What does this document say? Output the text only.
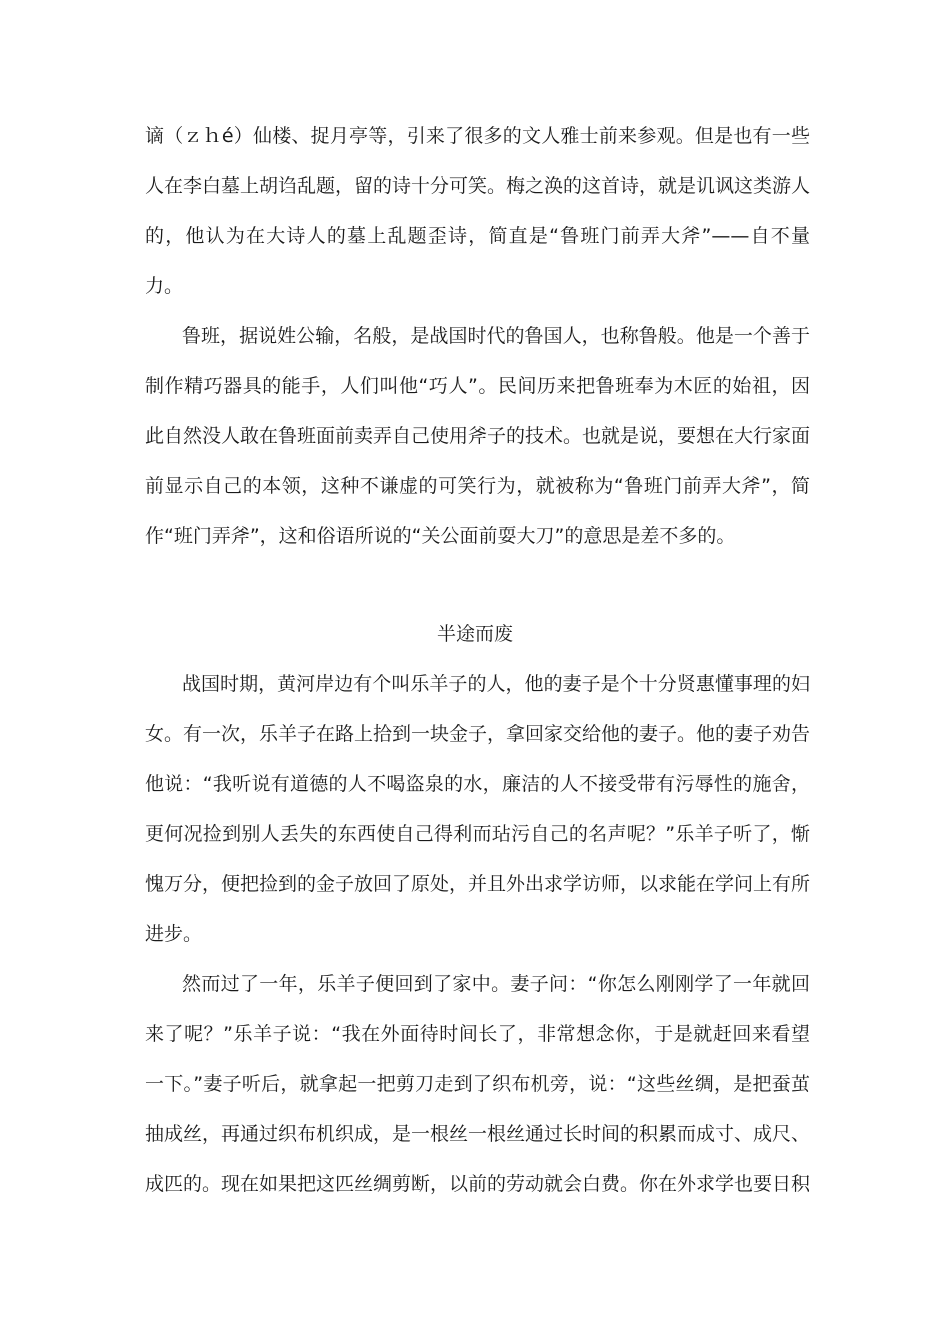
谪（ｚｈé）仙楼、捉月亭等，引来了很多的文人雅士前来参观。但是也有一些
人在李白墓上胡诌乱题，留的诗十分可笑。梅之涣的这首诗，就是讥讽这类游人
的，他认为在大诗人的墓上乱题歪诗，简直是“鲁班门前弄大斧”——自不量
力。
鲁班，据说姓公输，名般，是战国时代的鲁国人，也称鲁般。他是一个善于
制作精巧器具的能手，人们叫他“巧人”。民间历来把鲁班奉为木匠的始祖，因
此自然没人敢在鲁班面前卖弄自己使用斧子的技术。也就是说，要想在大行家面
前显示自己的本领，这种不谦虚的可笑行为，就被称为“鲁班门前弄大斧”，简
作“班门弄斧”，这和俗语所说的“关公面前耍大刀”的意思是差不多的。
半途而废
战国时期，黄河岸边有个叫乐羊子的人，他的妻子是个十分贤惠懂事理的妇
女。有一次，乐羊子在路上拾到一块金子，拿回家交给他的妻子。他的妻子劝告
他说：“我听说有道德的人不喝盗泉的水，廉洁的人不接受带有污辱性的施舍，
更何况捡到别人丢失的东西使自己得利而玷污自己的名声呢？”乐羊子听了，惭
愧万分，便把捡到的金子放回了原处，并且外出求学访师，以求能在学问上有所
进步。
然而过了一年，乐羊子便回到了家中。妻子问：“你怎么刚刚学了一年就回
来了呢？”乐羊子说：“我在外面待时间长了，非常想念你，于是就赶回来看望
一下。”妻子听后，就拿起一把剪刀走到了织布机旁，说：“这些丝绸，是把蚕茧
抽成丝，再通过织布机织成，是一根丝一根丝通过长时间的积累而成寸、成尺、
成匹的。现在如果把这匹丝绸剪断，以前的劳动就会白费。你在外求学也要日积
